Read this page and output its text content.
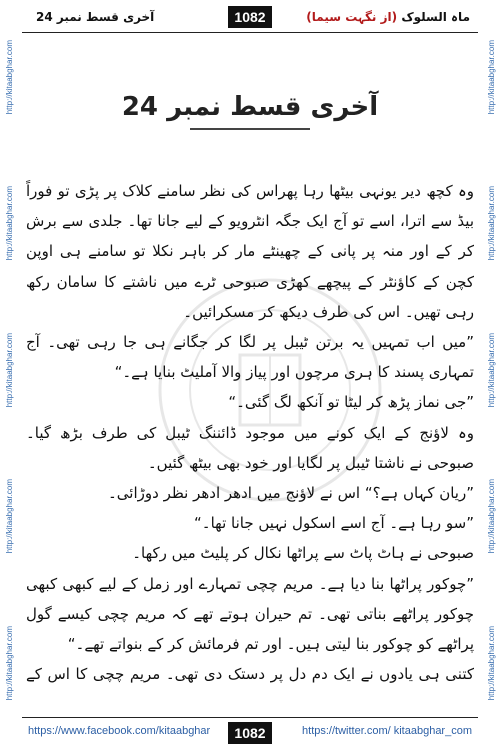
http://kitaabghar.com
http://kitaabghar.com
http://kitaabghar.com
http://kitaabghar.com
http://kitaabghar.com
http://kitaabghar.com
http://kitaabghar.com
http://kitaabghar.com
http://kitaabghar.com
http://kitaabghar.com
آخری قسط نمبر 24	1082	ماہ السلوک (از نگہت سیما)
آخری قسط نمبر 24

وہ کچھ دیر یونہی بیٹھا رہا پھراس کی نظر سامنے کلاک پر پڑی تو فوراً بیڈ سے اترا، اسے تو آج ایک جگہ انٹرویو کے لیے جانا تھا۔ جلدی سے برش کر کے اور منہ پر پانی کے چھینٹے مار کر باہر نکلا تو سامنے ہی اوپن کچن کے کاؤنٹر کے پیچھے کھڑی صبوحی ٹرے میں ناشتے کا سامان رکھ رہی تھیں۔ اس کی طرف دیکھ کر مسکرائیں۔

”میں اب تمہیں یہ برتن ٹیبل پر لگا کر جگانے ہی جا رہی تھی۔ آج تمہاری پسند کا ہری مرچوں اور پیاز والا آملیٹ بنایا ہے۔“

”جی نماز پڑھ کر لیٹا تو آنکھ لگ گئی۔“

وہ لاؤنج کے ایک کونے میں موجود ڈائننگ ٹیبل کی طرف بڑھ گیا۔ صبوحی نے ناشتا ٹیبل پر لگایا اور خود بھی بیٹھ گئیں۔

”ریان کہاں ہے؟“ اس نے لاؤنج میں ادھر ادھر نظر دوڑائی۔

”سو رہا ہے۔ آج اسے اسکول نہیں جانا تھا۔“

صبوحی نے ہاٹ پاٹ سے پراٹھا نکال کر پلیٹ میں رکھا۔

”چوکور پراٹھا بنا دیا ہے۔ مریم چچی تمہارے اور زمل کے لیے کبھی کبھی چوکور پراٹھے بناتی تھی۔ تم حیران ہوتے تھے کہ مریم چچی کیسے گول پراٹھے کو چوکور بنا لیتی ہیں۔ اور تم فرمائش کر کے بنواتے تھے۔“

کتنی ہی یادوں نے ایک دم دل پر دستک دی تھی۔ مریم چچی کا اس کے

https://www.facebook.com/kitaabghar	1082	https://twitter.com/ kitaabghar_com
